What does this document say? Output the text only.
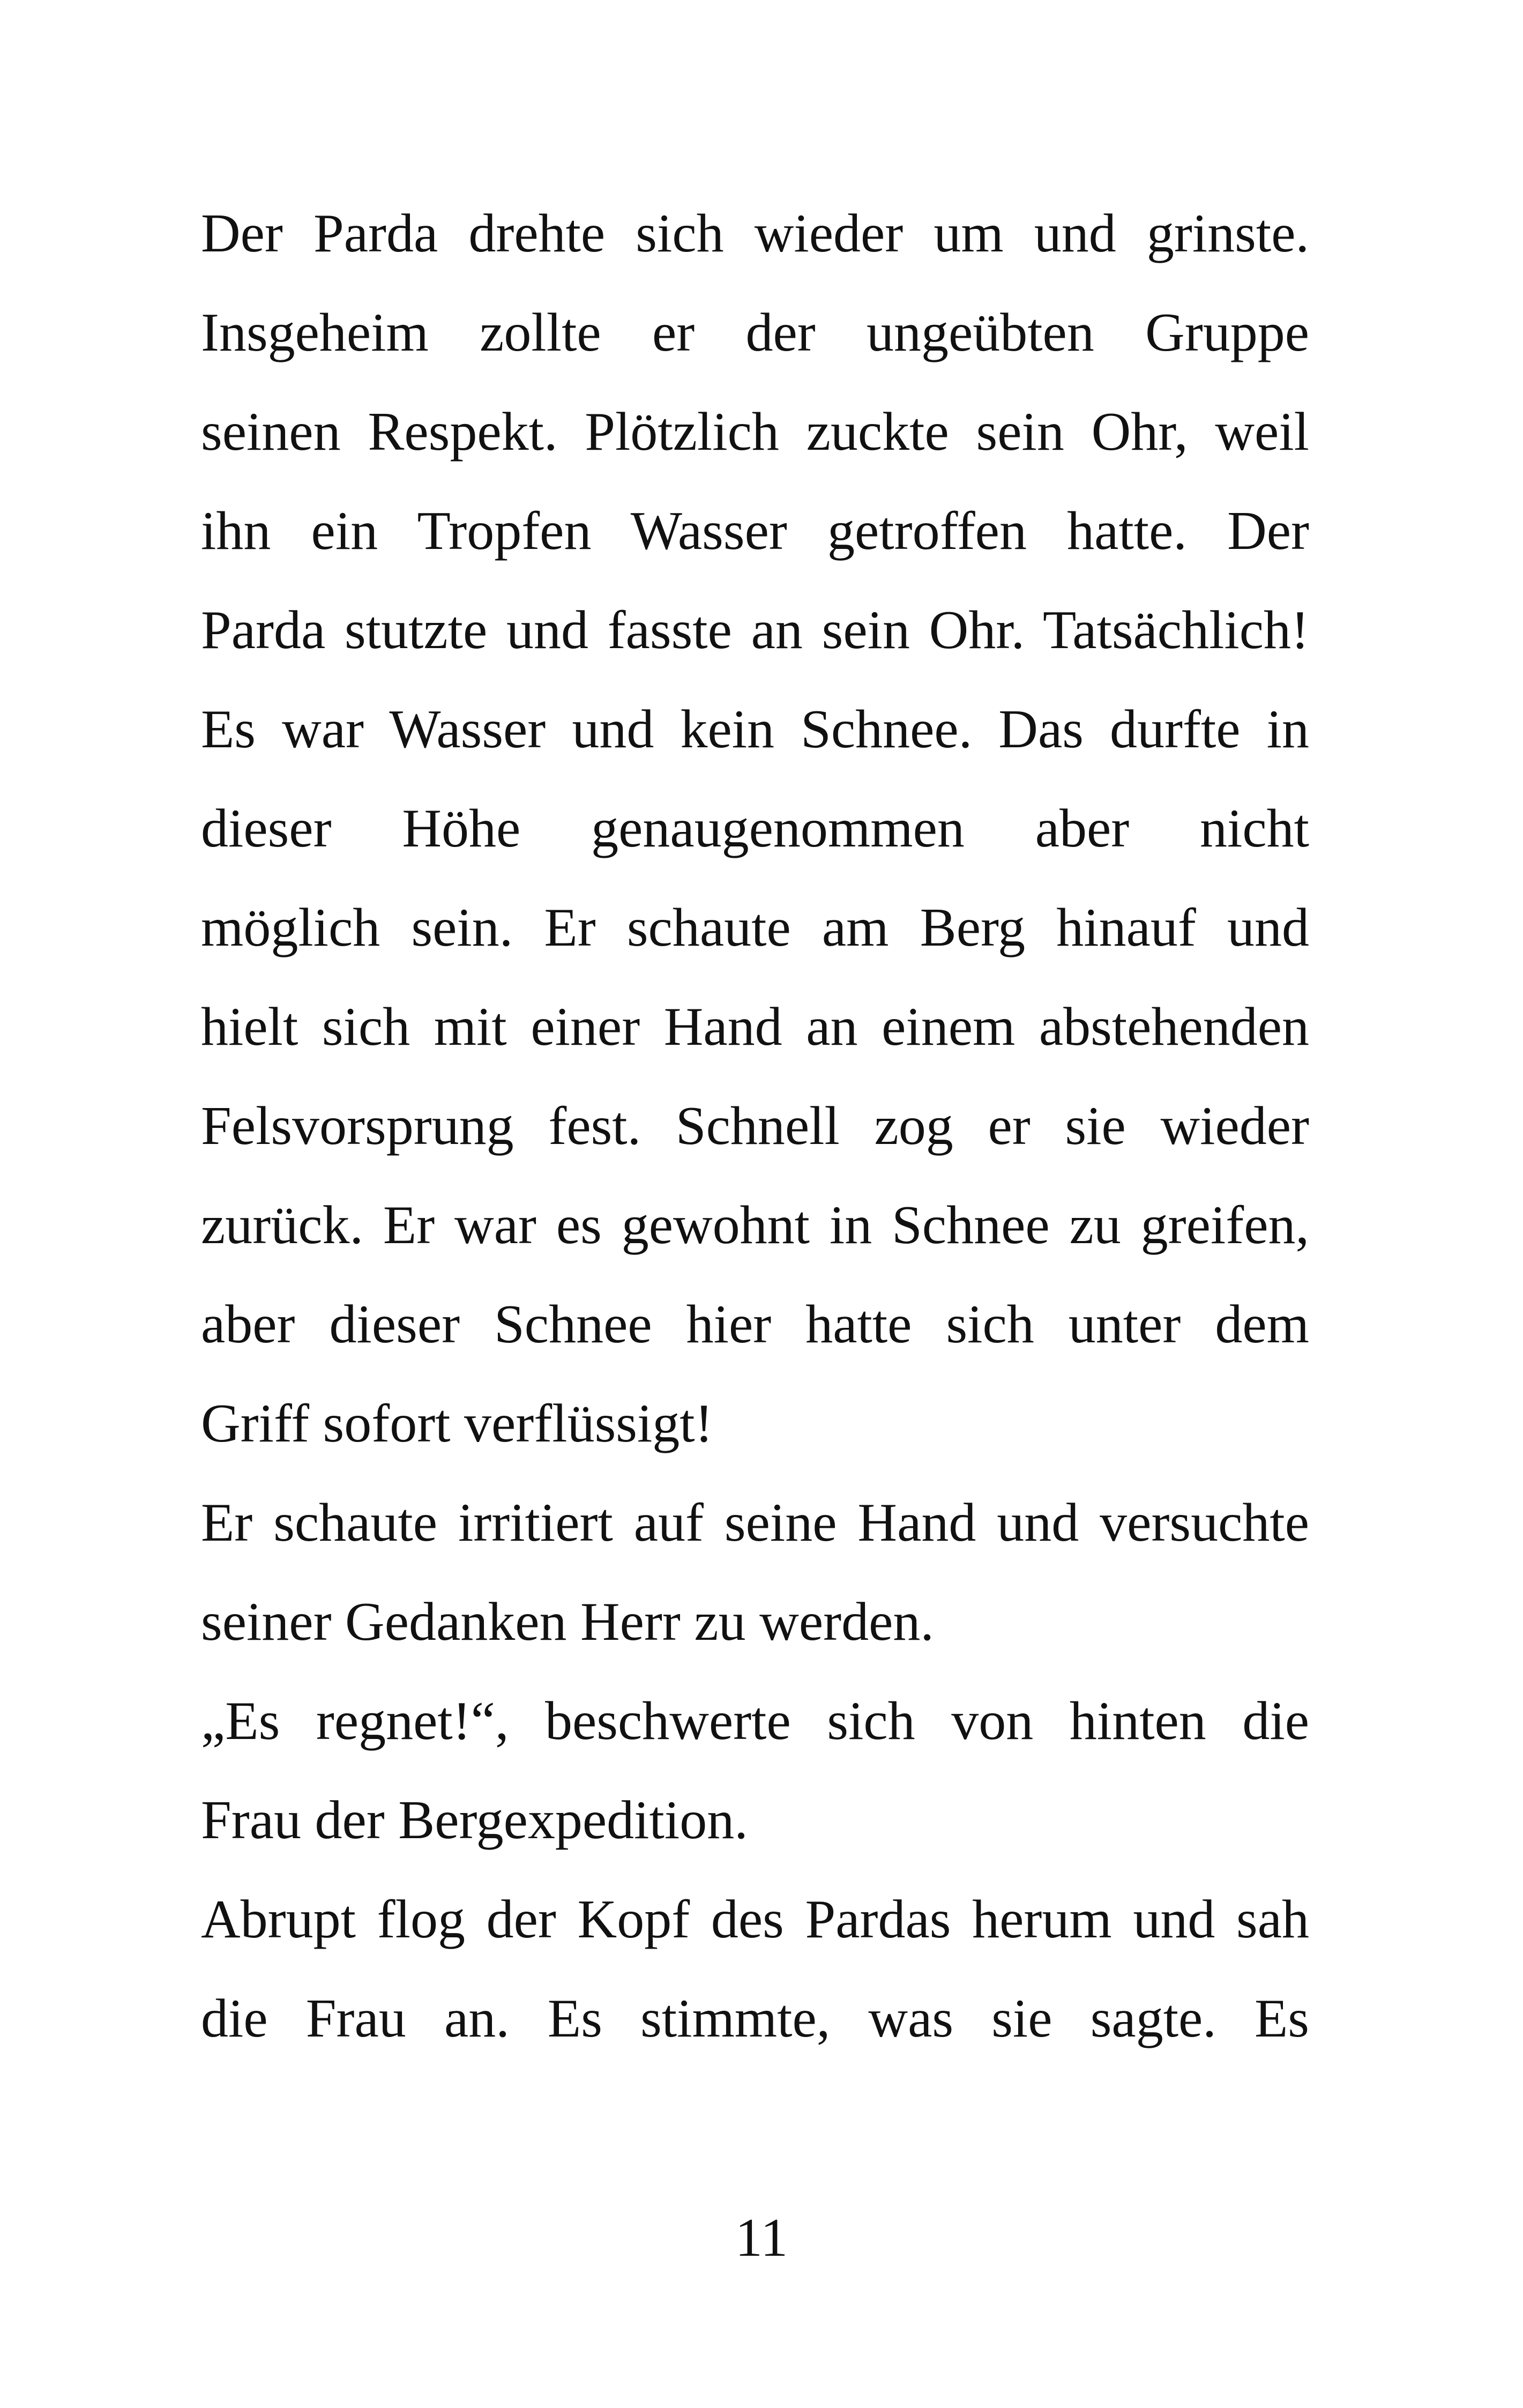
Der Parda drehte sich wieder um und grinste.
Insgeheim zollte er der ungeübten Gruppe
seinen Respekt. Plötzlich zuckte sein Ohr, weil
ihn ein Tropfen Wasser getroffen hatte. Der
Parda stutzte und fasste an sein Ohr. Tatsächlich!
Es war Wasser und kein Schnee. Das durfte in
dieser Höhe genaugenommen aber nicht
möglich sein. Er schaute am Berg hinauf und
hielt sich mit einer Hand an einem abstehenden
Felsvorsprung fest. Schnell zog er sie wieder
zurück. Er war es gewohnt in Schnee zu greifen,
aber dieser Schnee hier hatte sich unter dem
Griff sofort verflüssigt!
Er schaute irritiert auf seine Hand und versuchte
seiner Gedanken Herr zu werden.
„Es regnet!“, beschwerte sich von hinten die
Frau der Bergexpedition.
Abrupt flog der Kopf des Pardas herum und sah
die Frau an. Es stimmte, was sie sagte. Es
11
